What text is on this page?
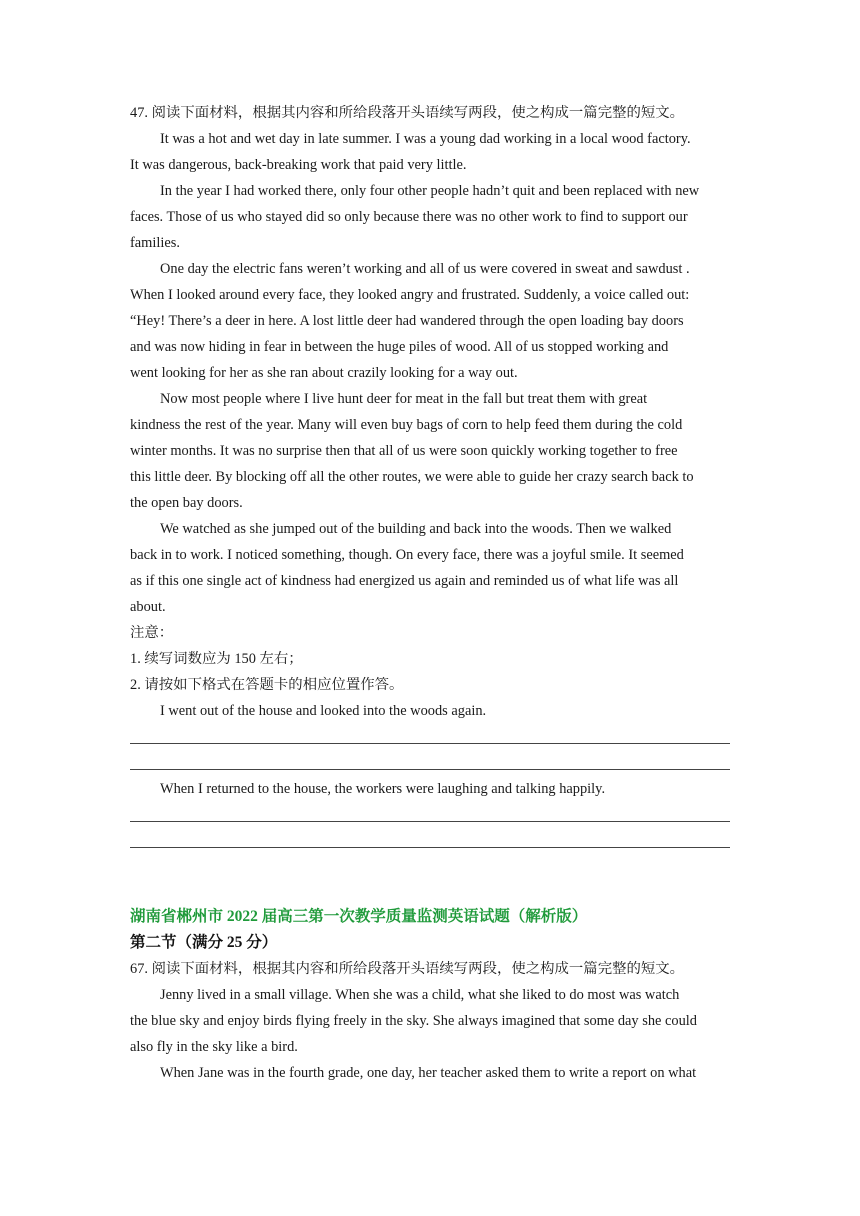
47. 阅读下面材料，根据其内容和所给段落开头语续写两段，使之构成一篇完整的短文。
It was a hot and wet day in late summer. I was a young dad working in a local wood factory.
It was dangerous, back-breaking work that paid very little.
In the year I had worked there, only four other people hadn’t quit and been replaced with new
faces. Those of us who stayed did so only because there was no other work to find to support our
families.
One day the electric fans weren’t working and all of us were covered in sweat and sawdust .
When I looked around every face, they looked angry and frustrated. Suddenly, a voice called out:
“Hey! There’s a deer in here. A lost little deer had wandered through the open loading bay doors
and was now hiding in fear in between the huge piles of wood. All of us stopped working and
went looking for her as she ran about crazily looking for a way out.
Now most people where I live hunt deer for meat in the fall but treat them with great
kindness the rest of the year. Many will even buy bags of corn to help feed them during the cold
winter months. It was no surprise then that all of us were soon quickly working together to free
this little deer. By blocking off all the other routes, we were able to guide her crazy search back to
the open bay doors.
We watched as she jumped out of the building and back into the woods. Then we walked
back in to work. I noticed something, though. On every face, there was a joyful smile. It seemed
as if this one single act of kindness had energized us again and reminded us of what life was all
about.
注意：
1. 续写词数应为 150 左右；
2. 请按如下格式在答题卡的相应位置作答。
I went out of the house and looked into the woods again.
When I returned to the house, the workers were laughing and talking happily.
湖南省郴州市 2022 届高三第一次教学质量监测英语试题（解析版）
第二节（满分 25 分）
67. 阅读下面材料，根据其内容和所给段落开头语续写两段，使之构成一篇完整的短文。
Jenny lived in a small village. When she was a child, what she liked to do most was watch
the blue sky and enjoy birds flying freely in the sky. She always imagined that some day she could
also fly in the sky like a bird.
When Jane was in the fourth grade, one day, her teacher asked them to write a report on what
